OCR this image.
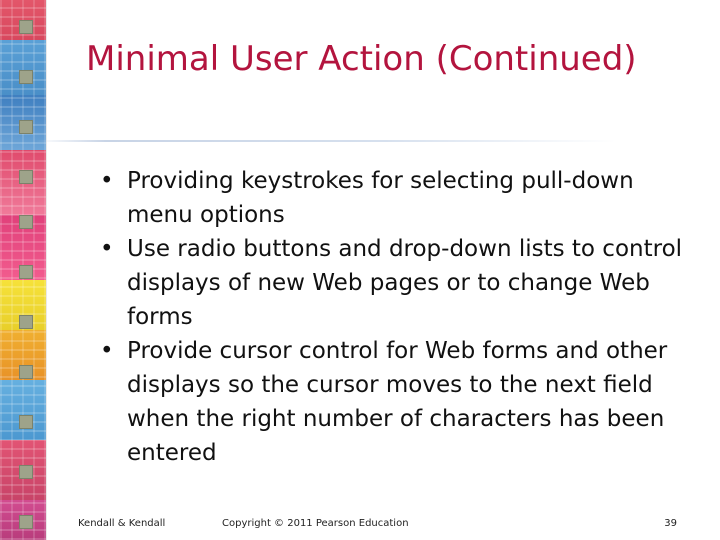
Minimal User Action (Continued)
• Providing keystrokes for selecting pull-down menu options
• Use radio buttons and drop-down lists to control displays of new Web pages or to change Web forms
• Provide cursor control for Web forms and other displays so the cursor moves to the next field when the right number of characters has been entered
Kendall & Kendall	Copyright © 2011 Pearson Education	39
